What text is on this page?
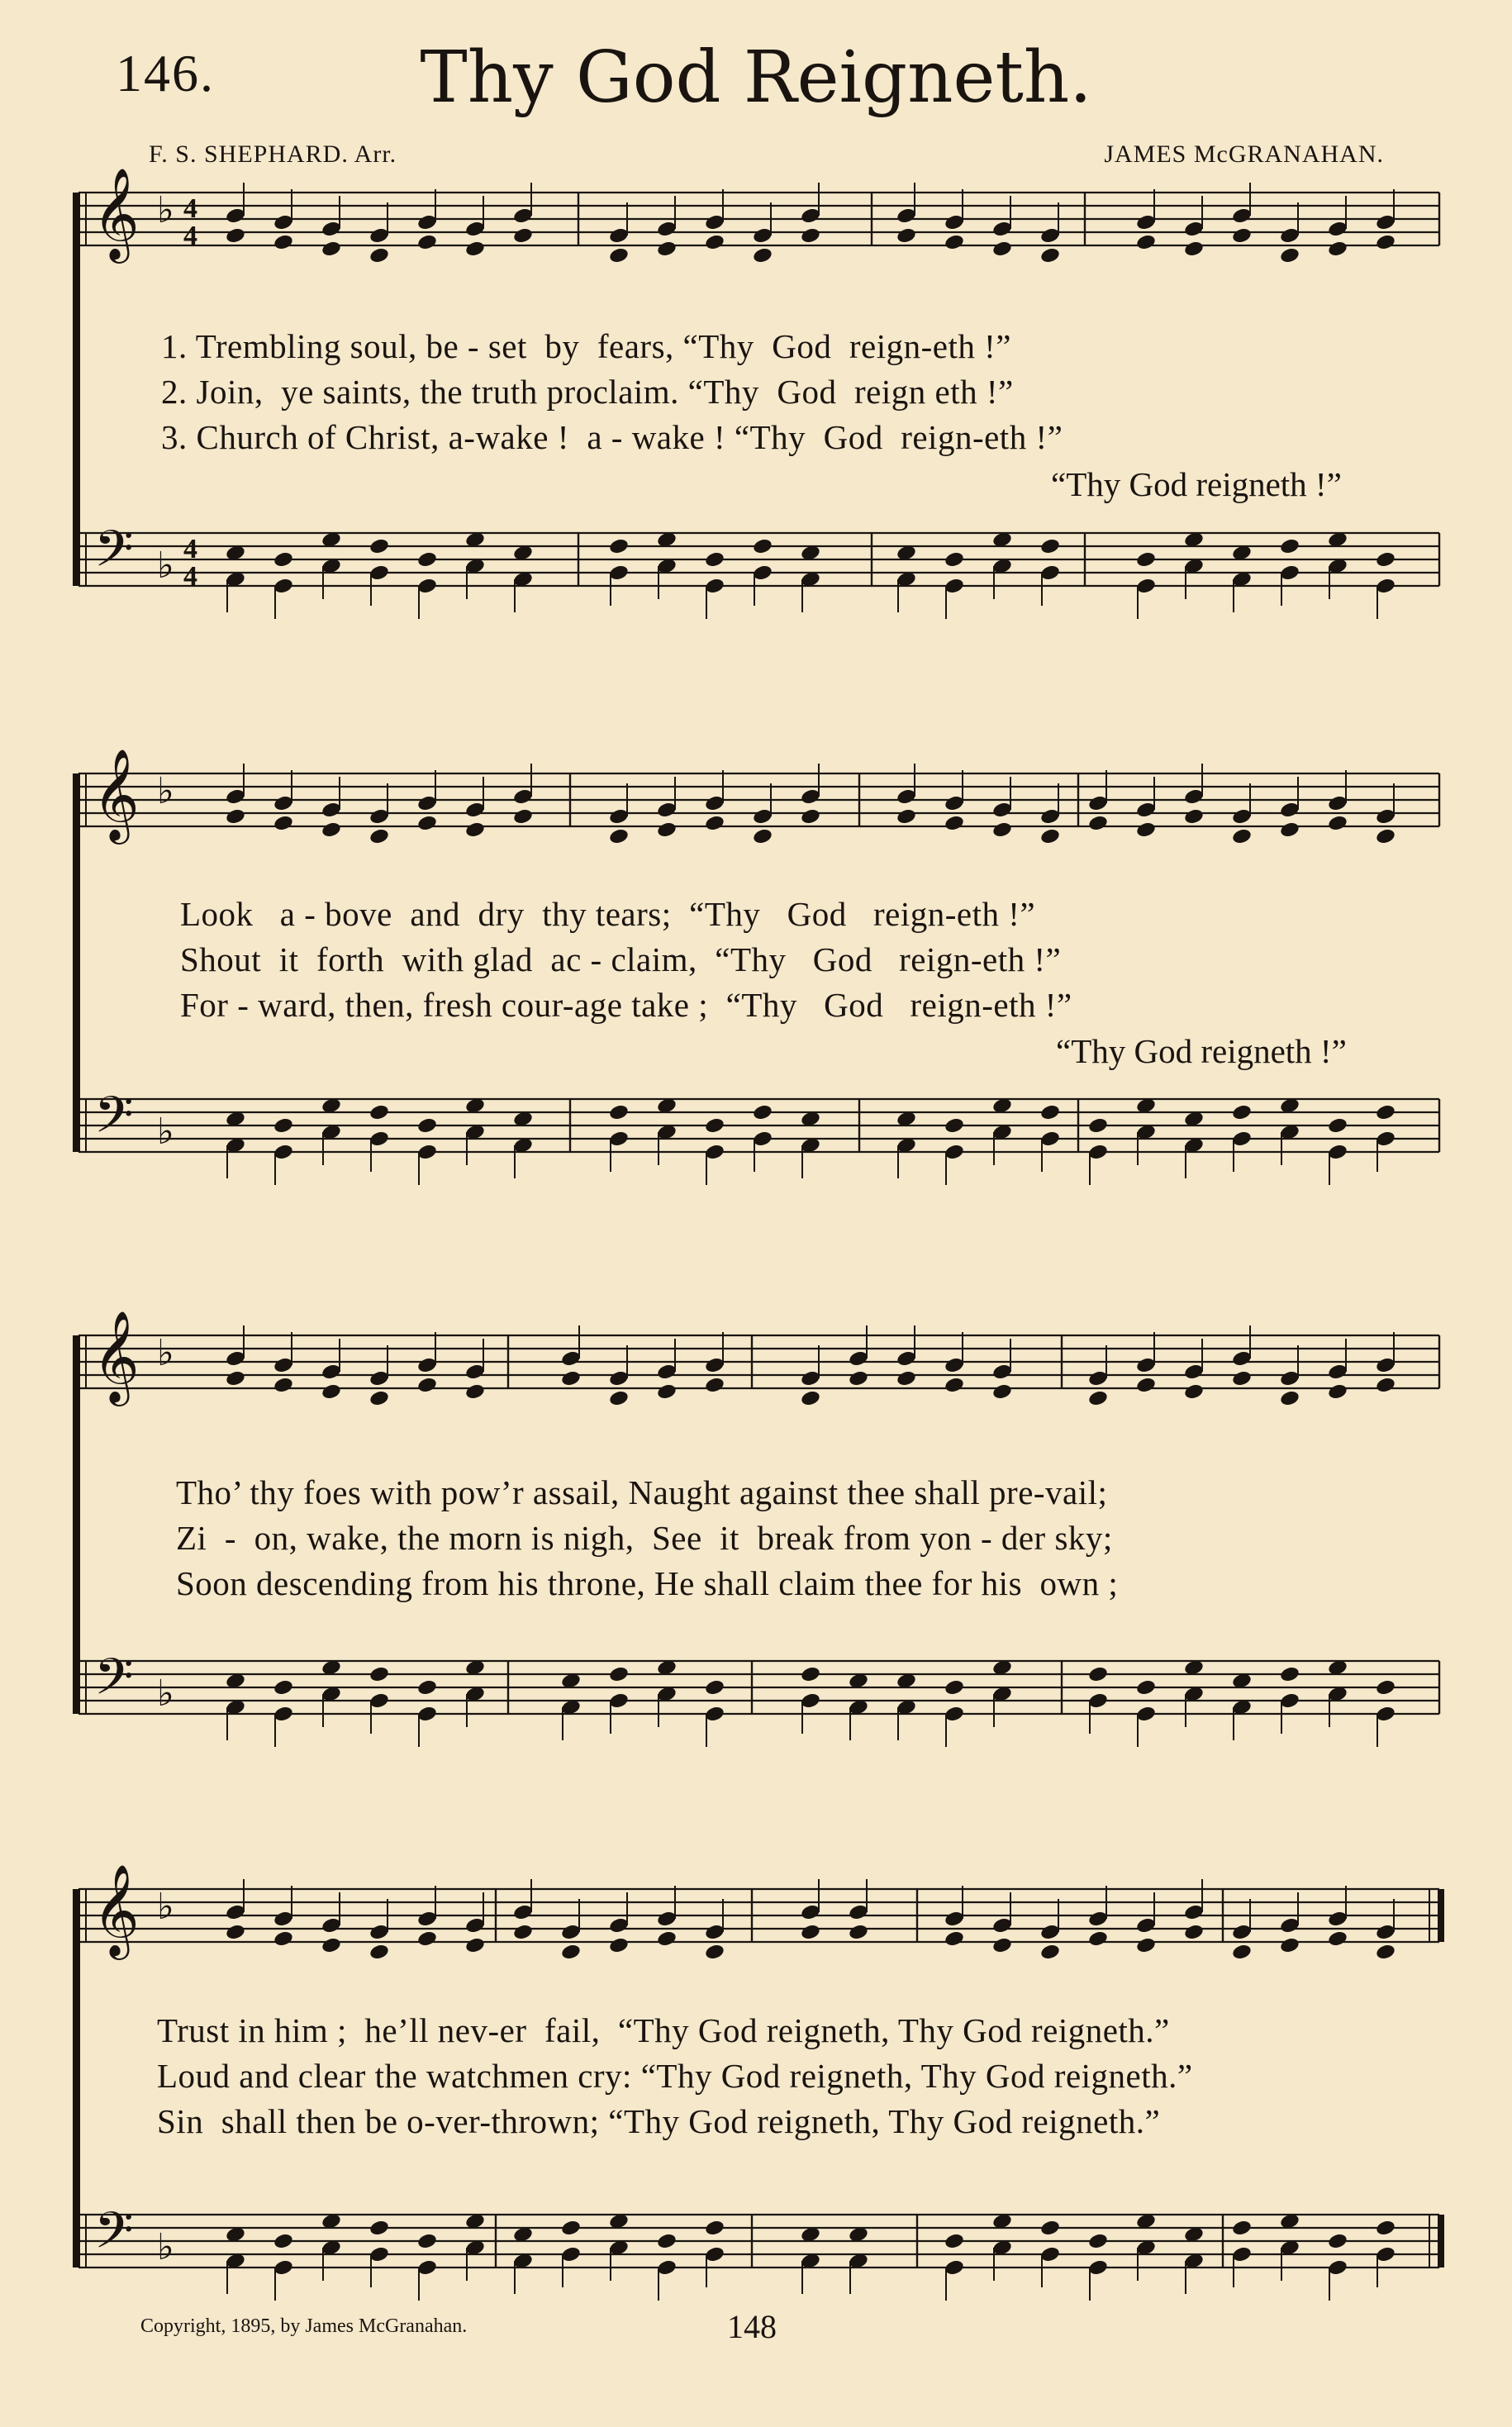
146.	Thy God Reigneth.
F. S. SHEPHARD. Arr.	JAMES McGRANAHAN.
𝄞
𝄢
♭
♭
4
4
4
4
1. Trembling soul, be - set  by  fears, “Thy  God  reign-eth !”
2. Join,  ye saints, the truth proclaim. “Thy  God  reign eth !”
3. Church of Christ, a-wake !  a - wake ! “Thy  God  reign-eth !”
“Thy God reigneth !”
𝄞
𝄢
♭
♭
Look   a - bove  and  dry  thy tears;  “Thy   God   reign-eth !”
Shout  it  forth  with glad  ac - claim,  “Thy   God   reign-eth !”
For - ward, then, fresh cour-age take ;  “Thy   God   reign-eth !”
“Thy God reigneth !”
𝄞
𝄢
♭
♭
Tho’ thy foes with pow’r assail, Naught against thee shall pre-vail;
Zi  -  on, wake, the morn is nigh,  See  it  break from yon - der sky;
Soon descending from his throne, He shall claim thee for his  own ;
𝄞
𝄢
♭
♭
Trust in him ;  he’ll nev-er  fail,  “Thy God reigneth, Thy God reigneth.”
Loud and clear the watchmen cry: “Thy God reigneth, Thy God reigneth.”
Sin  shall then be o-ver-thrown; “Thy God reigneth, Thy God reigneth.”
Copyright, 1895, by James McGranahan.	148
